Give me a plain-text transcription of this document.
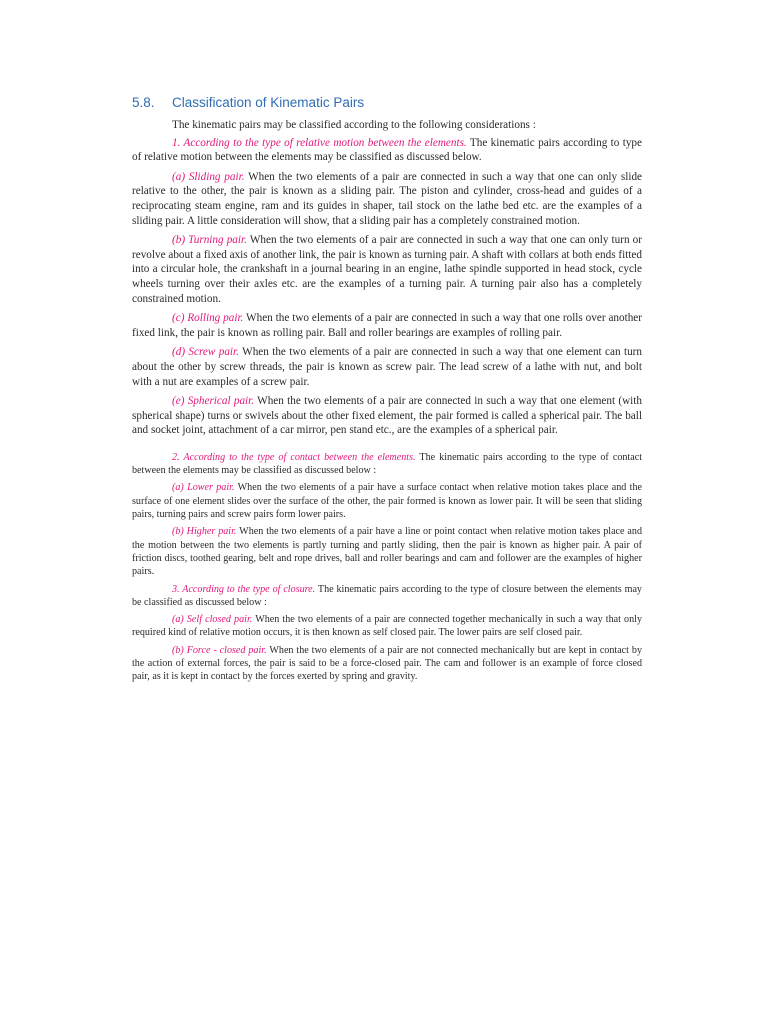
5.8. Classification of Kinematic Pairs

The kinematic pairs may be classified according to the following considerations :

1. According to the type of relative motion between the elements. The kinematic pairs according to type of relative motion between the elements may be classified as discussed below.

(a) Sliding pair. When the two elements of a pair are connected in such a way that one can only slide relative to the other, the pair is known as a sliding pair. The piston and cylinder, cross-head and guides of a reciprocating steam engine, ram and its guides in shaper, tail stock on the lathe bed etc. are the examples of a sliding pair. A little consideration will show, that a sliding pair has a completely constrained motion.

(b) Turning pair. When the two elements of a pair are connected in such a way that one can only turn or revolve about a fixed axis of another link, the pair is known as turning pair. A shaft with collars at both ends fitted into a circular hole, the crankshaft in a journal bearing in an engine, lathe spindle supported in head stock, cycle wheels turning over their axles etc. are the examples of a turning pair. A turning pair also has a completely constrained motion.

(c) Rolling pair. When the two elements of a pair are connected in such a way that one rolls over another fixed link, the pair is known as rolling pair. Ball and roller bearings are examples of rolling pair.

(d) Screw pair. When the two elements of a pair are connected in such a way that one element can turn about the other by screw threads, the pair is known as screw pair. The lead screw of a lathe with nut, and bolt with a nut are examples of a screw pair.

(e) Spherical pair. When the two elements of a pair are connected in such a way that one element (with spherical shape) turns or swivels about the other fixed element, the pair formed is called a spherical pair. The ball and socket joint, attachment of a car mirror, pen stand etc., are the examples of a spherical pair.

2. According to the type of contact between the elements. The kinematic pairs according to the type of contact between the elements may be classified as discussed below :

(a) Lower pair. When the two elements of a pair have a surface contact when relative motion takes place and the surface of one element slides over the surface of the other, the pair formed is known as lower pair. It will be seen that sliding pairs, turning pairs and screw pairs form lower pairs.

(b) Higher pair. When the two elements of a pair have a line or point contact when relative motion takes place and the motion between the two elements is partly turning and partly sliding, then the pair is known as higher pair. A pair of friction discs, toothed gearing, belt and rope drives, ball and roller bearings and cam and follower are the examples of higher pairs.

3. According to the type of closure. The kinematic pairs according to the type of closure between the elements may be classified as discussed below :

(a) Self closed pair. When the two elements of a pair are connected together mechanically in such a way that only required kind of relative motion occurs, it is then known as self closed pair. The lower pairs are self closed pair.

(b) Force - closed pair. When the two elements of a pair are not connected mechanically but are kept in contact by the action of external forces, the pair is said to be a force-closed pair. The cam and follower is an example of force closed pair, as it is kept in contact by the forces exerted by spring and gravity.
